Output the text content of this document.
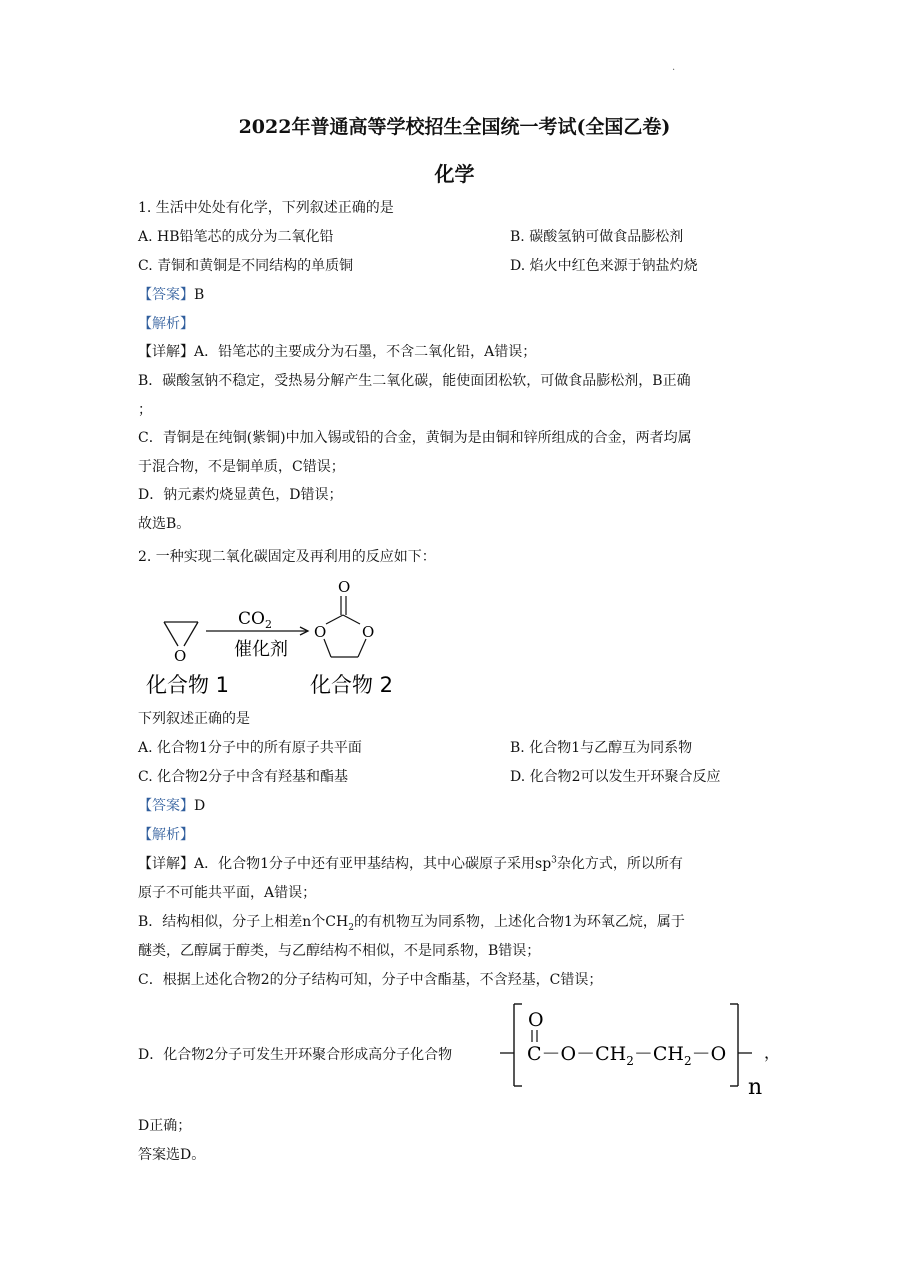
.
2022年普通高等学校招生全国统一考试(全国乙卷)
化学
1. 生活中处处有化学，下列叙述正确的是
A. HB铅笔芯的成分为二氧化铅	B. 碳酸氢钠可做食品膨松剂
C. 青铜和黄铜是不同结构的单质铜	D. 焰火中红色来源于钠盐灼烧
【答案】B
【解析】
【详解】A．铅笔芯的主要成分为石墨，不含二氧化铅，A错误；
B．碳酸氢钠不稳定，受热易分解产生二氧化碳，能使面团松软，可做食品膨松剂，B正确
；
C．青铜是在纯铜(紫铜)中加入锡或铅的合金，黄铜为是由铜和锌所组成的合金，两者均属
于混合物，不是铜单质，C错误；
D．钠元素灼烧显黄色，D错误；
故选B。
2. 一种实现二氧化碳固定及再利用的反应如下：
O
$CO_2$
催化剂
O
O O
化合物 1	化合物 2
下列叙述正确的是
A. 化合物1分子中的所有原子共平面	B. 化合物1与乙醇互为同系物
C. 化合物2分子中含有羟基和酯基	D. 化合物2可以发生开环聚合反应
【答案】D
【解析】
【详解】A．化合物1分子中还有亚甲基结构，其中心碳原子采用$sp^3$杂化方式，所以所有
原子不可能共平面，A错误；
B．结构相似，分子上相差n个$CH_2$的有机物互为同系物，上述化合物1为环氧乙烷，属于
醚类，乙醇属于醇类，与乙醇结构不相似，不是同系物，B错误；
C．根据上述化合物2的分子结构可知，分子中含酯基，不含羟基，C错误；
D．化合物2分子可发生开环聚合形成高分子化合物
O
$C-O-CH_2-CH_2-O$
n
，
D正确；
答案选D。
